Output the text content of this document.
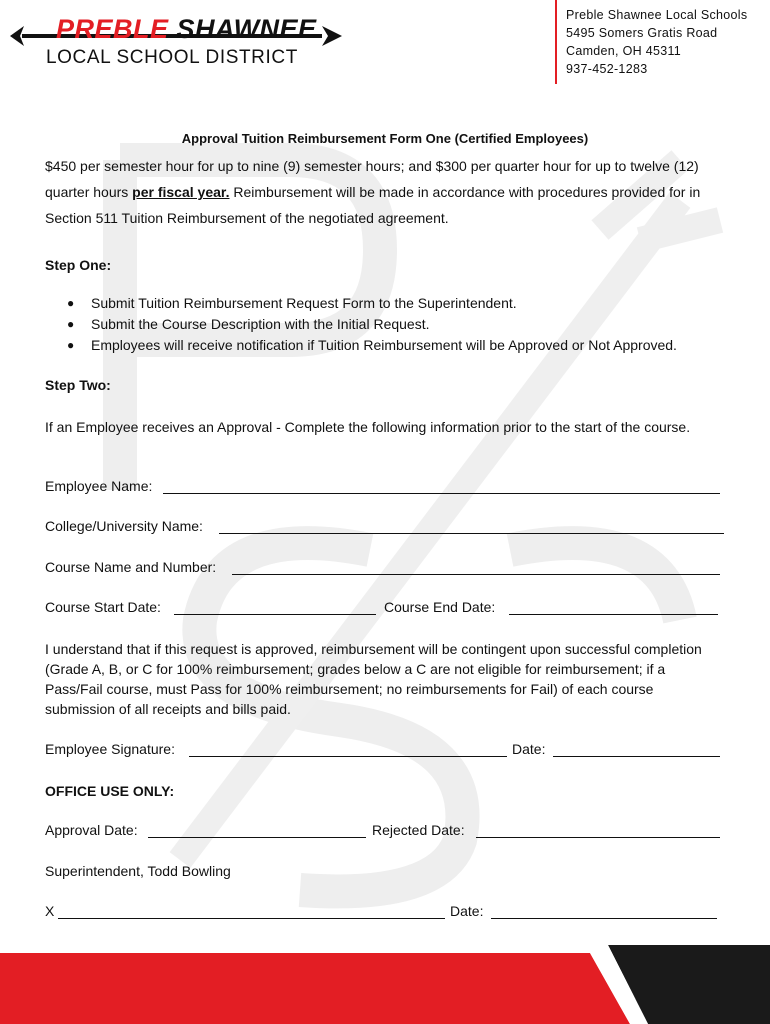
PREBLE SHAWNEE
LOCAL SCHOOL DISTRICT
Preble Shawnee Local Schools
5495 Somers Gratis Road
Camden, OH 45311
937-452-1283
Approval Tuition Reimbursement Form One (Certified Employees)
$450 per semester hour for up to nine (9) semester hours; and $300 per quarter hour for up to twelve (12) quarter hours per fiscal year. Reimbursement will be made in accordance with procedures provided for in Section 511 Tuition Reimbursement of the negotiated agreement.
Step One:
● Submit Tuition Reimbursement Request Form to the Superintendent.
● Submit the Course Description with the Initial Request.
● Employees will receive notification if Tuition Reimbursement will be Approved or Not Approved.
Step Two:
If an Employee receives an Approval - Complete the following information prior to the start of the course.
Employee Name:
College/University Name:
Course Name and Number:
Course Start Date:	Course End Date:
I understand that if this request is approved, reimbursement will be contingent upon successful completion (Grade A, B, or C for 100% reimbursement; grades below a C are not eligible for reimbursement; if a Pass/Fail course, must Pass for 100% reimbursement; no reimbursements for Fail) of each course submission of all receipts and bills paid.
Employee Signature:	Date:
OFFICE USE ONLY:
Approval Date:	Rejected Date:
Superintendent, Todd Bowling
X	Date:
